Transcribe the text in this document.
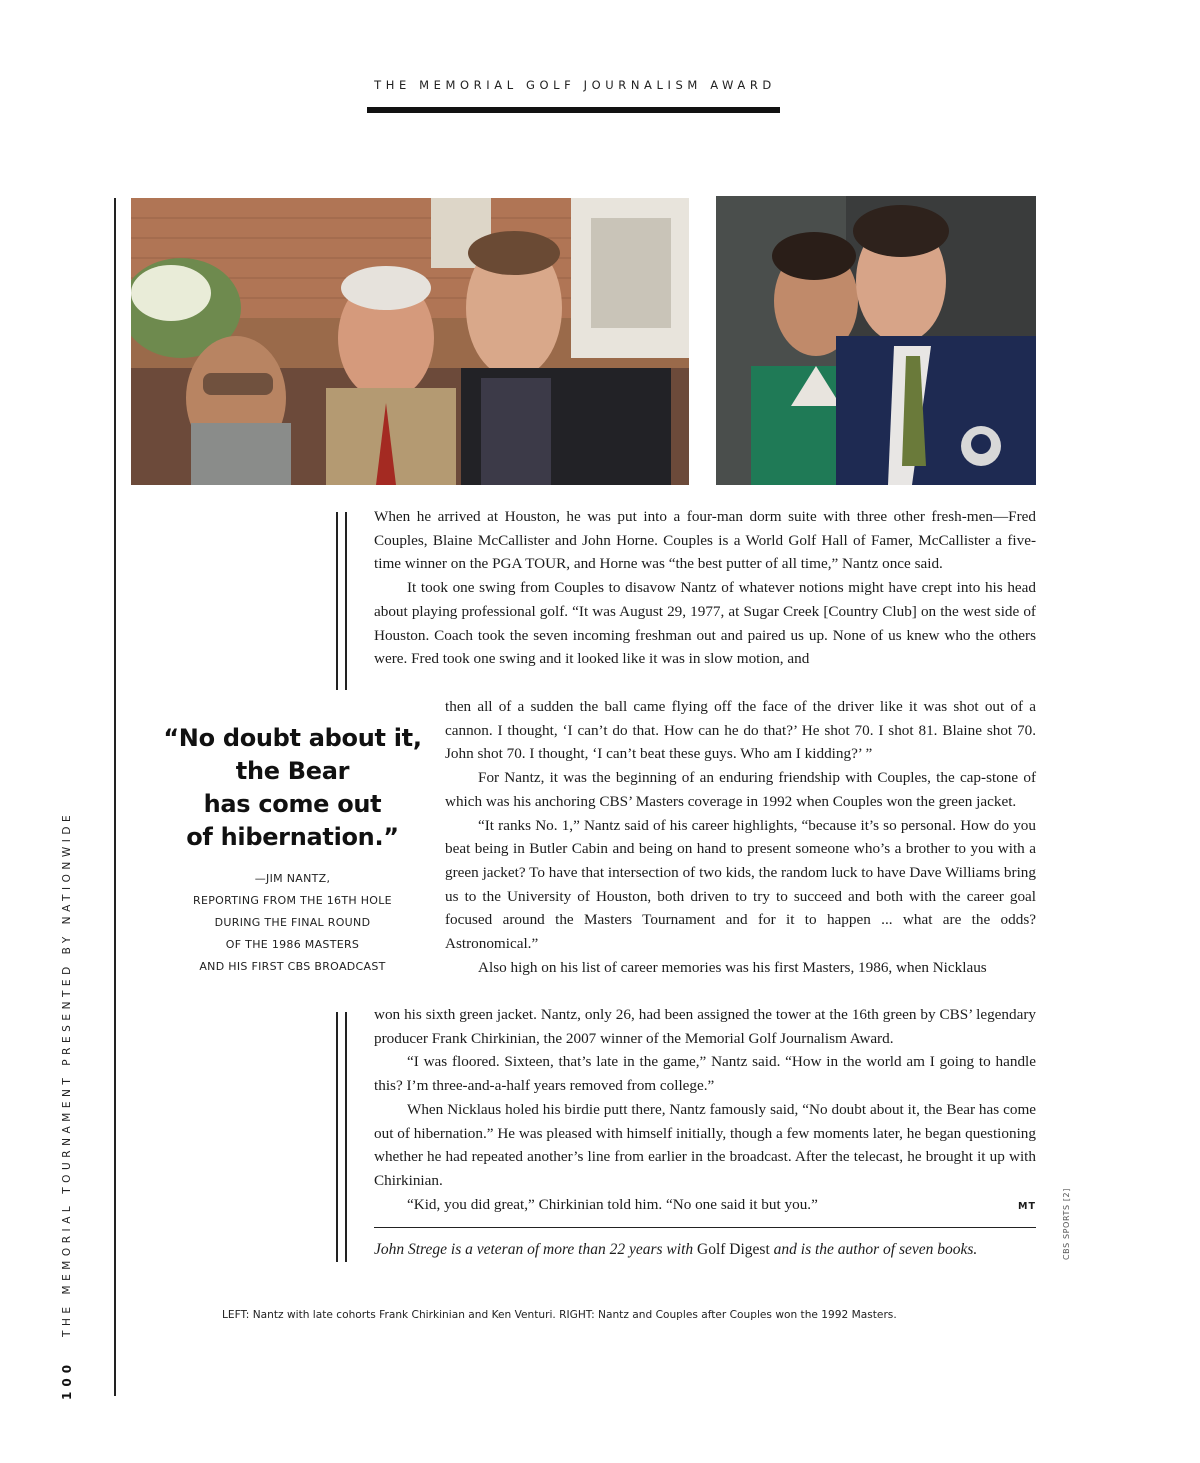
THE MEMORIAL GOLF JOURNALISM AWARD

When he arrived at Houston, he was put into a four-man dorm suite with three other fresh-men—Fred Couples, Blaine McCallister and John Horne. Couples is a World Golf Hall of Famer, McCallister a five-time winner on the PGA TOUR, and Horne was “the best putter of all time,” Nantz once said.

It took one swing from Couples to disavow Nantz of whatever notions might have crept into his head about playing professional golf. “It was August 29, 1977, at Sugar Creek [Country Club] on the west side of Houston. Coach took the seven incoming freshman out and paired us up. None of us knew who the others were. Fred took one swing and it looked like it was in slow motion, and

then all of a sudden the ball came flying off the face of the driver like it was shot out of a cannon. I thought, ‘I can’t do that. How can he do that?’ He shot 70. I shot 81. Blaine shot 70. John shot 70. I thought, ‘I can’t beat these guys. Who am I kidding?’ ”

For Nantz, it was the beginning of an enduring friendship with Couples, the cap-stone of which was his anchoring CBS’ Masters coverage in 1992 when Couples won the green jacket.

“It ranks No. 1,” Nantz said of his career highlights, “because it’s so personal. How do you beat being in Butler Cabin and being on hand to present someone who’s a brother to you with a green jacket? To have that intersection of two kids, the random luck to have Dave Williams bring us to the University of Houston, both driven to try to succeed and both with the career goal focused around the Masters Tournament and for it to happen ... what are the odds? Astronomical.”

Also high on his list of career memories was his first Masters, 1986, when Nicklaus

won his sixth green jacket. Nantz, only 26, had been assigned the tower at the 16th green by CBS’ legendary producer Frank Chirkinian, the 2007 winner of the Memorial Golf Journalism Award.

“I was floored. Sixteen, that’s late in the game,” Nantz said. “How in the world am I going to handle this? I’m three-and-a-half years removed from college.”

When Nicklaus holed his birdie putt there, Nantz famously said, “No doubt about it, the Bear has come out of hibernation.” He was pleased with himself initially, though a few moments later, he began questioning whether he had repeated another’s line from earlier in the broadcast. After the telecast, he brought it up with Chirkinian.

“Kid, you did great,” Chirkinian told him. “No one said it but you.”	MT
“No doubt about it,
the Bear
has come out
of hibernation.”
—JIM NANTZ,
REPORTING FROM THE 16TH HOLE
DURING THE FINAL ROUND
OF THE 1986 MASTERS
AND HIS FIRST CBS BROADCAST
John Strege is a veteran of more than 22 years with Golf Digest and is the author of seven books.	CBS SPORTS [2]
LEFT: Nantz with late cohorts Frank Chirkinian and Ken Venturi. RIGHT: Nantz and Couples after Couples won the 1992 Masters.
THE MEMORIAL TOURNAMENT PRESENTED BY NATIONWIDE
100
